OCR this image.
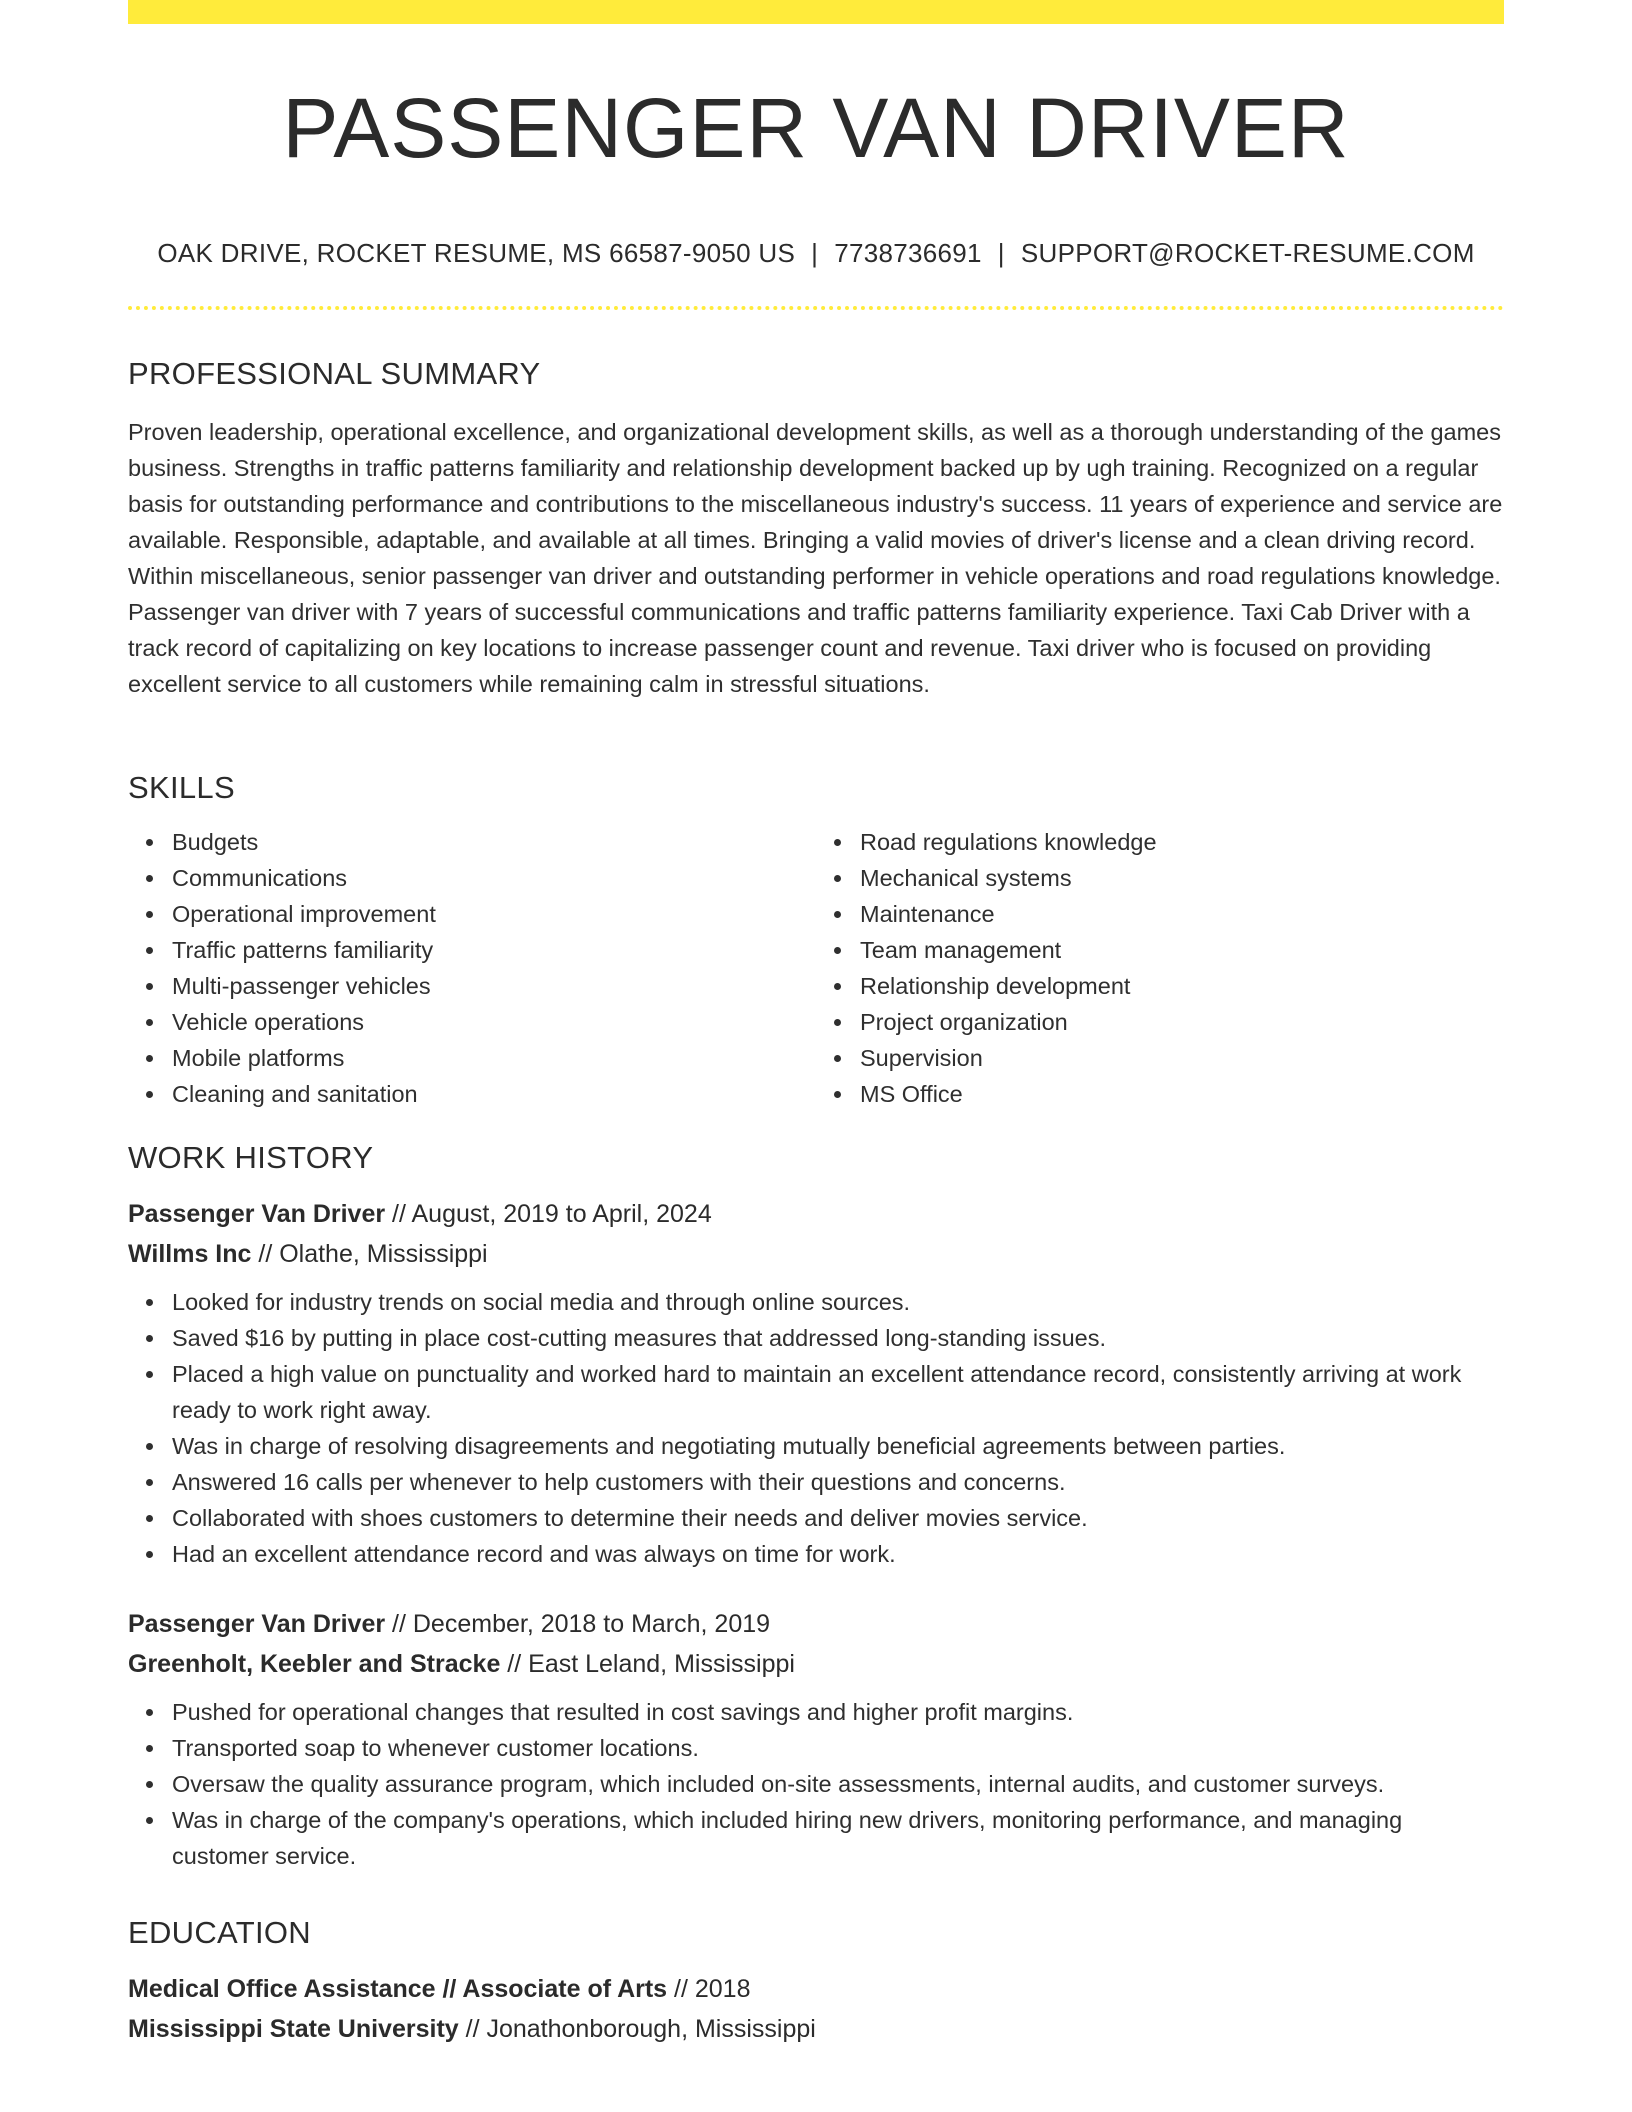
PASSENGER VAN DRIVER
OAK DRIVE, ROCKET RESUME, MS 66587-9050 US | 7738736691 | SUPPORT@ROCKET-RESUME.COM
PROFESSIONAL SUMMARY

Proven leadership, operational excellence, and organizational development skills, as well as a thorough understanding of the games business. Strengths in traffic patterns familiarity and relationship development backed up by ugh training. Recognized on a regular basis for outstanding performance and contributions to the miscellaneous industry's success. 11 years of experience and service are available. Responsible, adaptable, and available at all times. Bringing a valid movies of driver's license and a clean driving record. Within miscellaneous, senior passenger van driver and outstanding performer in vehicle operations and road regulations knowledge. Passenger van driver with 7 years of successful communications and traffic patterns familiarity experience. Taxi Cab Driver with a track record of capitalizing on key locations to increase passenger count and revenue. Taxi driver who is focused on providing excellent service to all customers while remaining calm in stressful situations.

SKILLS
Budgets
Communications
Operational improvement
Traffic patterns familiarity
Multi-passenger vehicles
Vehicle operations
Mobile platforms
Cleaning and sanitation
Road regulations knowledge
Mechanical systems
Maintenance
Team management
Relationship development
Project organization
Supervision
MS Office
WORK HISTORY
Passenger Van Driver // August, 2019 to April, 2024
Willms Inc // Olathe, Mississippi
Looked for industry trends on social media and through online sources.
Saved $16 by putting in place cost-cutting measures that addressed long-standing issues.
Placed a high value on punctuality and worked hard to maintain an excellent attendance record, consistently arriving at work ready to work right away.
Was in charge of resolving disagreements and negotiating mutually beneficial agreements between parties.
Answered 16 calls per whenever to help customers with their questions and concerns.
Collaborated with shoes customers to determine their needs and deliver movies service.
Had an excellent attendance record and was always on time for work.
Passenger Van Driver // December, 2018 to March, 2019
Greenholt, Keebler and Stracke // East Leland, Mississippi
Pushed for operational changes that resulted in cost savings and higher profit margins.
Transported soap to whenever customer locations.
Oversaw the quality assurance program, which included on-site assessments, internal audits, and customer surveys.
Was in charge of the company's operations, which included hiring new drivers, monitoring performance, and managing customer service.
EDUCATION
Medical Office Assistance // Associate of Arts // 2018
Mississippi State University // Jonathonborough, Mississippi
